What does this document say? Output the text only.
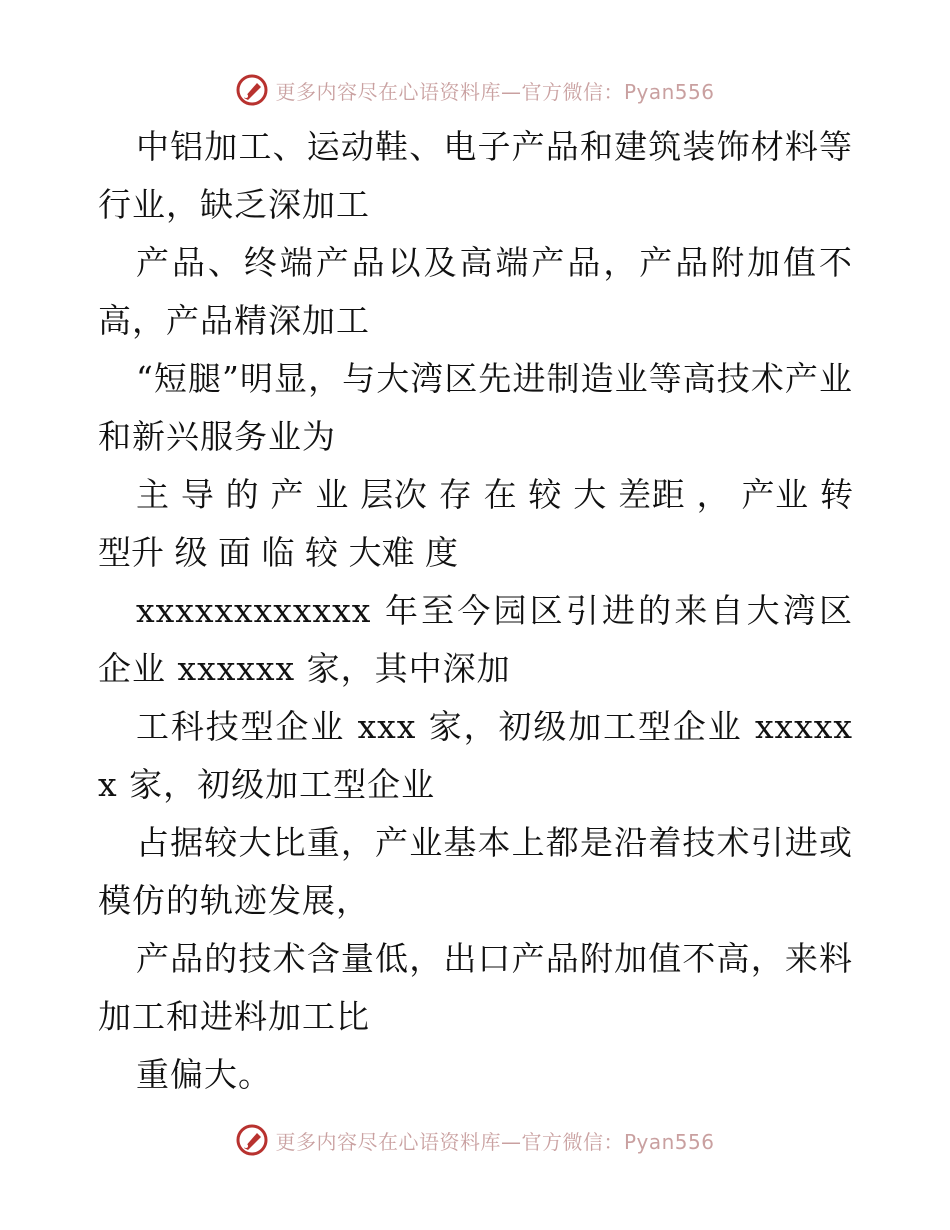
更多内容尽在心语资料库—官方微信：Pyan556

中铝加工、运动鞋、电子产品和建筑装饰材料等行业，缺乏深加工

产品、终端产品以及高端产品，产品附加值不高，产品精深加工

“短腿”明显，与大湾区先进制造业等高技术产业和新兴服务业为

主 导 的 产 业 层次 存 在 较 大 差距 ， 产业 转 型升 级 面 临 较 大难 度

xxxxxxxxxxxx 年至今园区引进的来自大湾区企业 xxxxxx 家，其中深加

工科技型企业 xxx 家，初级加工型企业 xxxxxx 家，初级加工型企业

占据较大比重，产业基本上都是沿着技术引进或模仿的轨迹发展，

产品的技术含量低，出口产品附加值不高，来料加工和进料加工比

重偏大。

更多内容尽在心语资料库—官方微信：Pyan556
